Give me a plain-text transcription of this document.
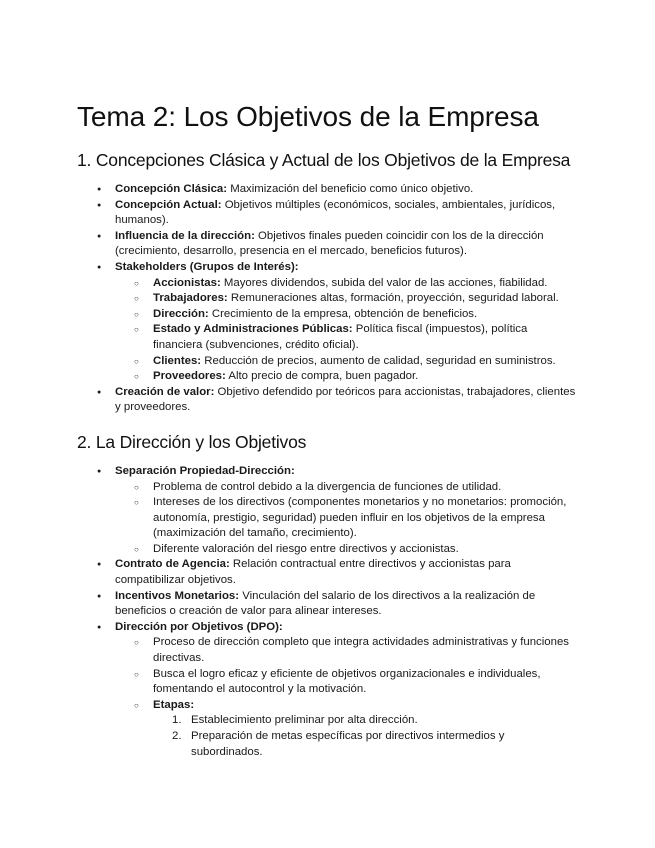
Tema 2: Los Objetivos de la Empresa
1. Concepciones Clásica y Actual de los Objetivos de la Empresa
● Concepción Clásica: Maximización del beneficio como único objetivo.
● Concepción Actual: Objetivos múltiples (económicos, sociales, ambientales, jurídicos, humanos).
● Influencia de la dirección: Objetivos finales pueden coincidir con los de la dirección (crecimiento, desarrollo, presencia en el mercado, beneficios futuros).
● Stakeholders (Grupos de Interés):
○ Accionistas: Mayores dividendos, subida del valor de las acciones, fiabilidad.
○ Trabajadores: Remuneraciones altas, formación, proyección, seguridad laboral.
○ Dirección: Crecimiento de la empresa, obtención de beneficios.
○ Estado y Administraciones Públicas: Política fiscal (impuestos), política financiera (subvenciones, crédito oficial).
○ Clientes: Reducción de precios, aumento de calidad, seguridad en suministros.
○ Proveedores: Alto precio de compra, buen pagador.
● Creación de valor: Objetivo defendido por teóricos para accionistas, trabajadores, clientes y proveedores.
2. La Dirección y los Objetivos
● Separación Propiedad-Dirección:
○ Problema de control debido a la divergencia de funciones de utilidad.
○ Intereses de los directivos (componentes monetarios y no monetarios: promoción, autonomía, prestigio, seguridad) pueden influir en los objetivos de la empresa (maximización del tamaño, crecimiento).
○ Diferente valoración del riesgo entre directivos y accionistas.
● Contrato de Agencia: Relación contractual entre directivos y accionistas para compatibilizar objetivos.
● Incentivos Monetarios: Vinculación del salario de los directivos a la realización de beneficios o creación de valor para alinear intereses.
● Dirección por Objetivos (DPO):
○ Proceso de dirección completo que integra actividades administrativas y funciones directivas.
○ Busca el logro eficaz y eficiente de objetivos organizacionales e individuales, fomentando el autocontrol y la motivación.
○ Etapas:
1. Establecimiento preliminar por alta dirección.
2. Preparación de metas específicas por directivos intermedios y subordinados.
